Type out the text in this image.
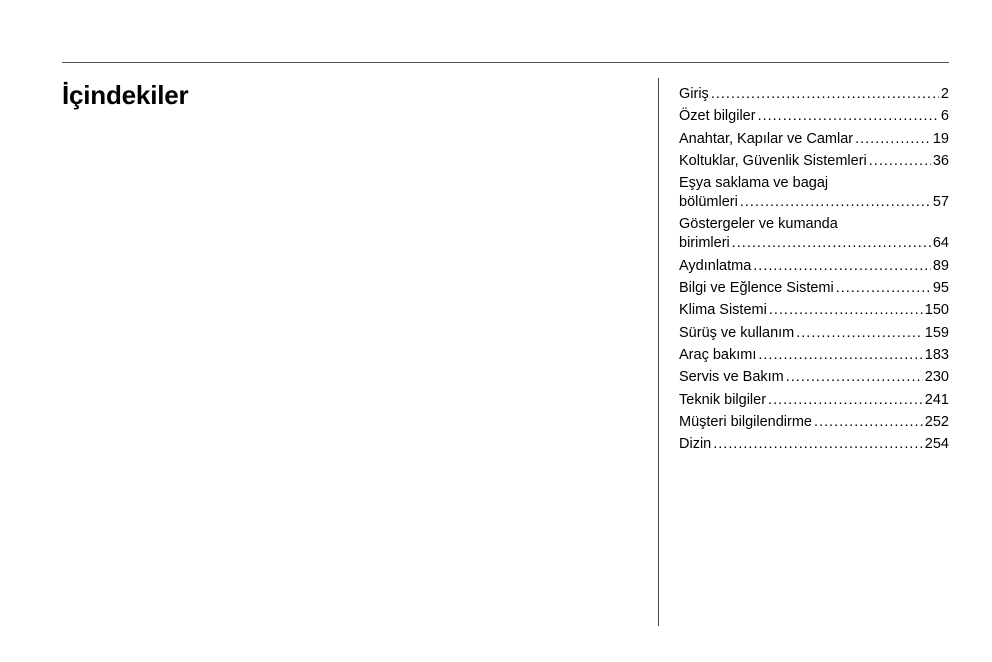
İçindekiler	Giriş .....	2
Özet bilgiler .....	6
Anahtar, Kapılar ve Camlar .....	19
Koltuklar, Güvenlik Sistemleri .....	36
Eşya saklama ve bagaj
bölümleri .....	57
Göstergeler ve kumanda
birimleri .....	64
Aydınlatma .....	89
Bilgi ve Eğlence Sistemi .....	95
Klima Sistemi .....	150
Sürüş ve kullanım .....	159
Araç bakımı .....	183
Servis ve Bakım .....	230
Teknik bilgiler .....	241
Müşteri bilgilendirme .....	252
Dizin .....	254
